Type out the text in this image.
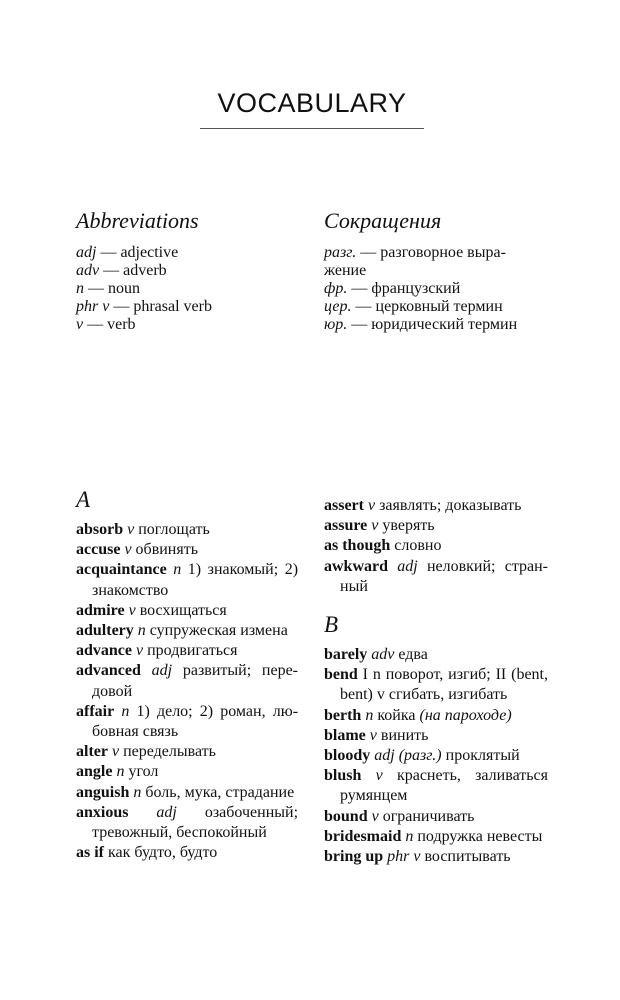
VOCABULARY
Abbreviations
adj — adjective
adv — adverb
n — noun
phr v — phrasal verb
v — verb
Сокращения
разг. — разговорное выра-
жение
фр. — французский
цер. — церковный термин
юр. — юридический термин
A
absorb v поглощать
accuse v обвинять
acquaintance n 1) знакомый; 2) знакомство
admire v восхищаться
adultery n супружеская измена
advance v продвигаться
advanced adj развитый; передовой
affair n 1) дело; 2) роман, любовная связь
alter v переделывать
angle n угол
anguish n боль, мука, страдание
anxious adj озабоченный; тревожный, беспокойный
as if как будто, будто
assert v заявлять; доказывать
assure v уверять
as though словно
awkward adj неловкий; странный
B
barely adv едва
bend I n поворот, изгиб; II (bent, bent) v сгибать, изгибать
berth n койка (на пароходе)
blame v винить
bloody adj (разг.) проклятый
blush v краснеть, заливаться румянцем
bound v ограничивать
bridesmaid n подружка невесты
bring up phr v воспитывать
